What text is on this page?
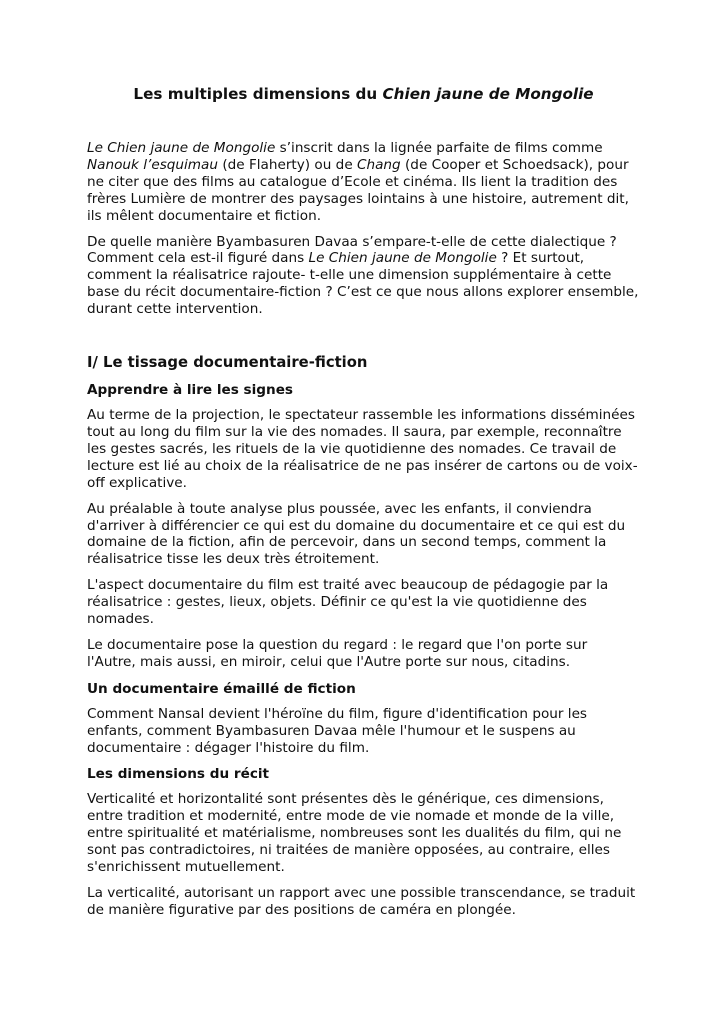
Les multiples dimensions du Chien jaune de Mongolie

Le Chien jaune de Mongolie s’inscrit dans la lignée parfaite de films comme Nanouk l’esquimau (de Flaherty) ou de Chang (de Cooper et Schoedsack), pour ne citer que des films au catalogue d’Ecole et cinéma. Ils lient la tradition des frères Lumière de montrer des paysages lointains à une histoire, autrement dit, ils mêlent documentaire et fiction.

De quelle manière Byambasuren Davaa s’empare-t-elle de cette dialectique ? Comment cela est-il figuré dans Le Chien jaune de Mongolie ? Et surtout, comment la réalisatrice rajoute- t-elle une dimension supplémentaire à cette base du récit documentaire-fiction ? C’est ce que nous allons explorer ensemble, durant cette intervention.

I/ Le tissage documentaire-fiction
Apprendre à lire les signes

Au terme de la projection, le spectateur rassemble les informations disséminées tout au long du film sur la vie des nomades. Il saura, par exemple, reconnaître les gestes sacrés, les rituels de la vie quotidienne des nomades. Ce travail de lecture est lié au choix de la réalisatrice de ne pas insérer de cartons ou de voix-off explicative.

Au préalable à toute analyse plus poussée, avec les enfants, il conviendra d'arriver à différencier ce qui est du domaine du documentaire et ce qui est du domaine de la fiction, afin de percevoir, dans un second temps, comment la réalisatrice tisse les deux très étroitement.

L'aspect documentaire du film est traité avec beaucoup de pédagogie par la réalisatrice : gestes, lieux, objets. Définir ce qu'est la vie quotidienne des nomades.

Le documentaire pose la question du regard : le regard que l'on porte sur l'Autre, mais aussi, en miroir, celui que l'Autre porte sur nous, citadins.

Un documentaire émaillé de fiction

Comment Nansal devient l'héroïne du film, figure d'identification pour les enfants, comment Byambasuren Davaa mêle l'humour et le suspens au documentaire : dégager l'histoire du film.

Les dimensions du récit

Verticalité et horizontalité sont présentes dès le générique, ces dimensions, entre tradition et modernité, entre mode de vie nomade et monde de la ville, entre spiritualité et matérialisme, nombreuses sont les dualités du film, qui ne sont pas contradictoires, ni traitées de manière opposées, au contraire, elles s'enrichissent mutuellement.

La verticalité, autorisant un rapport avec une possible transcendance, se traduit de manière figurative par des positions de caméra en plongée.
